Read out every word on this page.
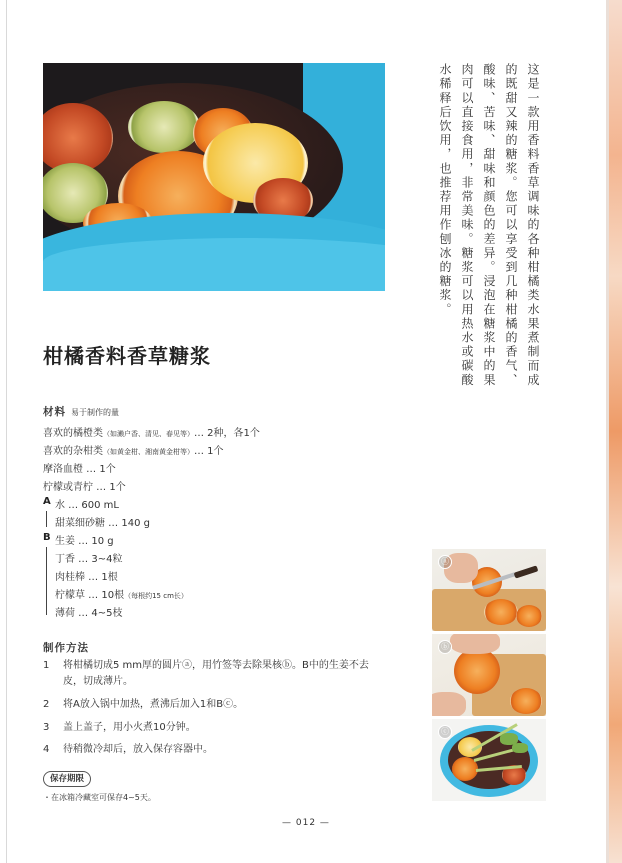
这是一款用香料香草调味的各种柑橘类水果煮制而成的既甜又辣的糖浆。您可以享受到几种柑橘的香气、酸味、苦味、甜味和颜色的差异。浸泡在糖浆中的果肉可以直接食用，非常美味。糖浆可以用热水或碳酸水稀释后饮用，也推荐用作刨冰的糖浆。
柑橘香料香草糖浆
材料 易于制作的量
喜欢的橘橙类（如濑户香、清见、春见等）… 2种，各1个
喜欢的杂柑类（如黄金柑、湘南黄金柑等）… 1个
摩洛血橙 … 1个
柠檬或青柠 … 1个
A 水 … 600 mL
甜菜细砂糖 … 140 g
B 生姜 … 10 g
丁香 … 3~4粒
肉桂棒 … 1根
柠檬草 … 10根（每根约15 cm长）
薄荷 … 4~5枝
制作方法
1 将柑橘切成5 mm厚的圆片ⓐ，用竹签等去除果核ⓑ。B中的生姜不去皮，切成薄片。
2 将A放入锅中加热，煮沸后加入1和Bⓒ。
3 盖上盖子，用小火煮10分钟。
4 待稍微冷却后，放入保存容器中。
保存期限
・在冰箱冷藏室可保存4~5天。
— 012 —
ⓐ
ⓑ
ⓒ
